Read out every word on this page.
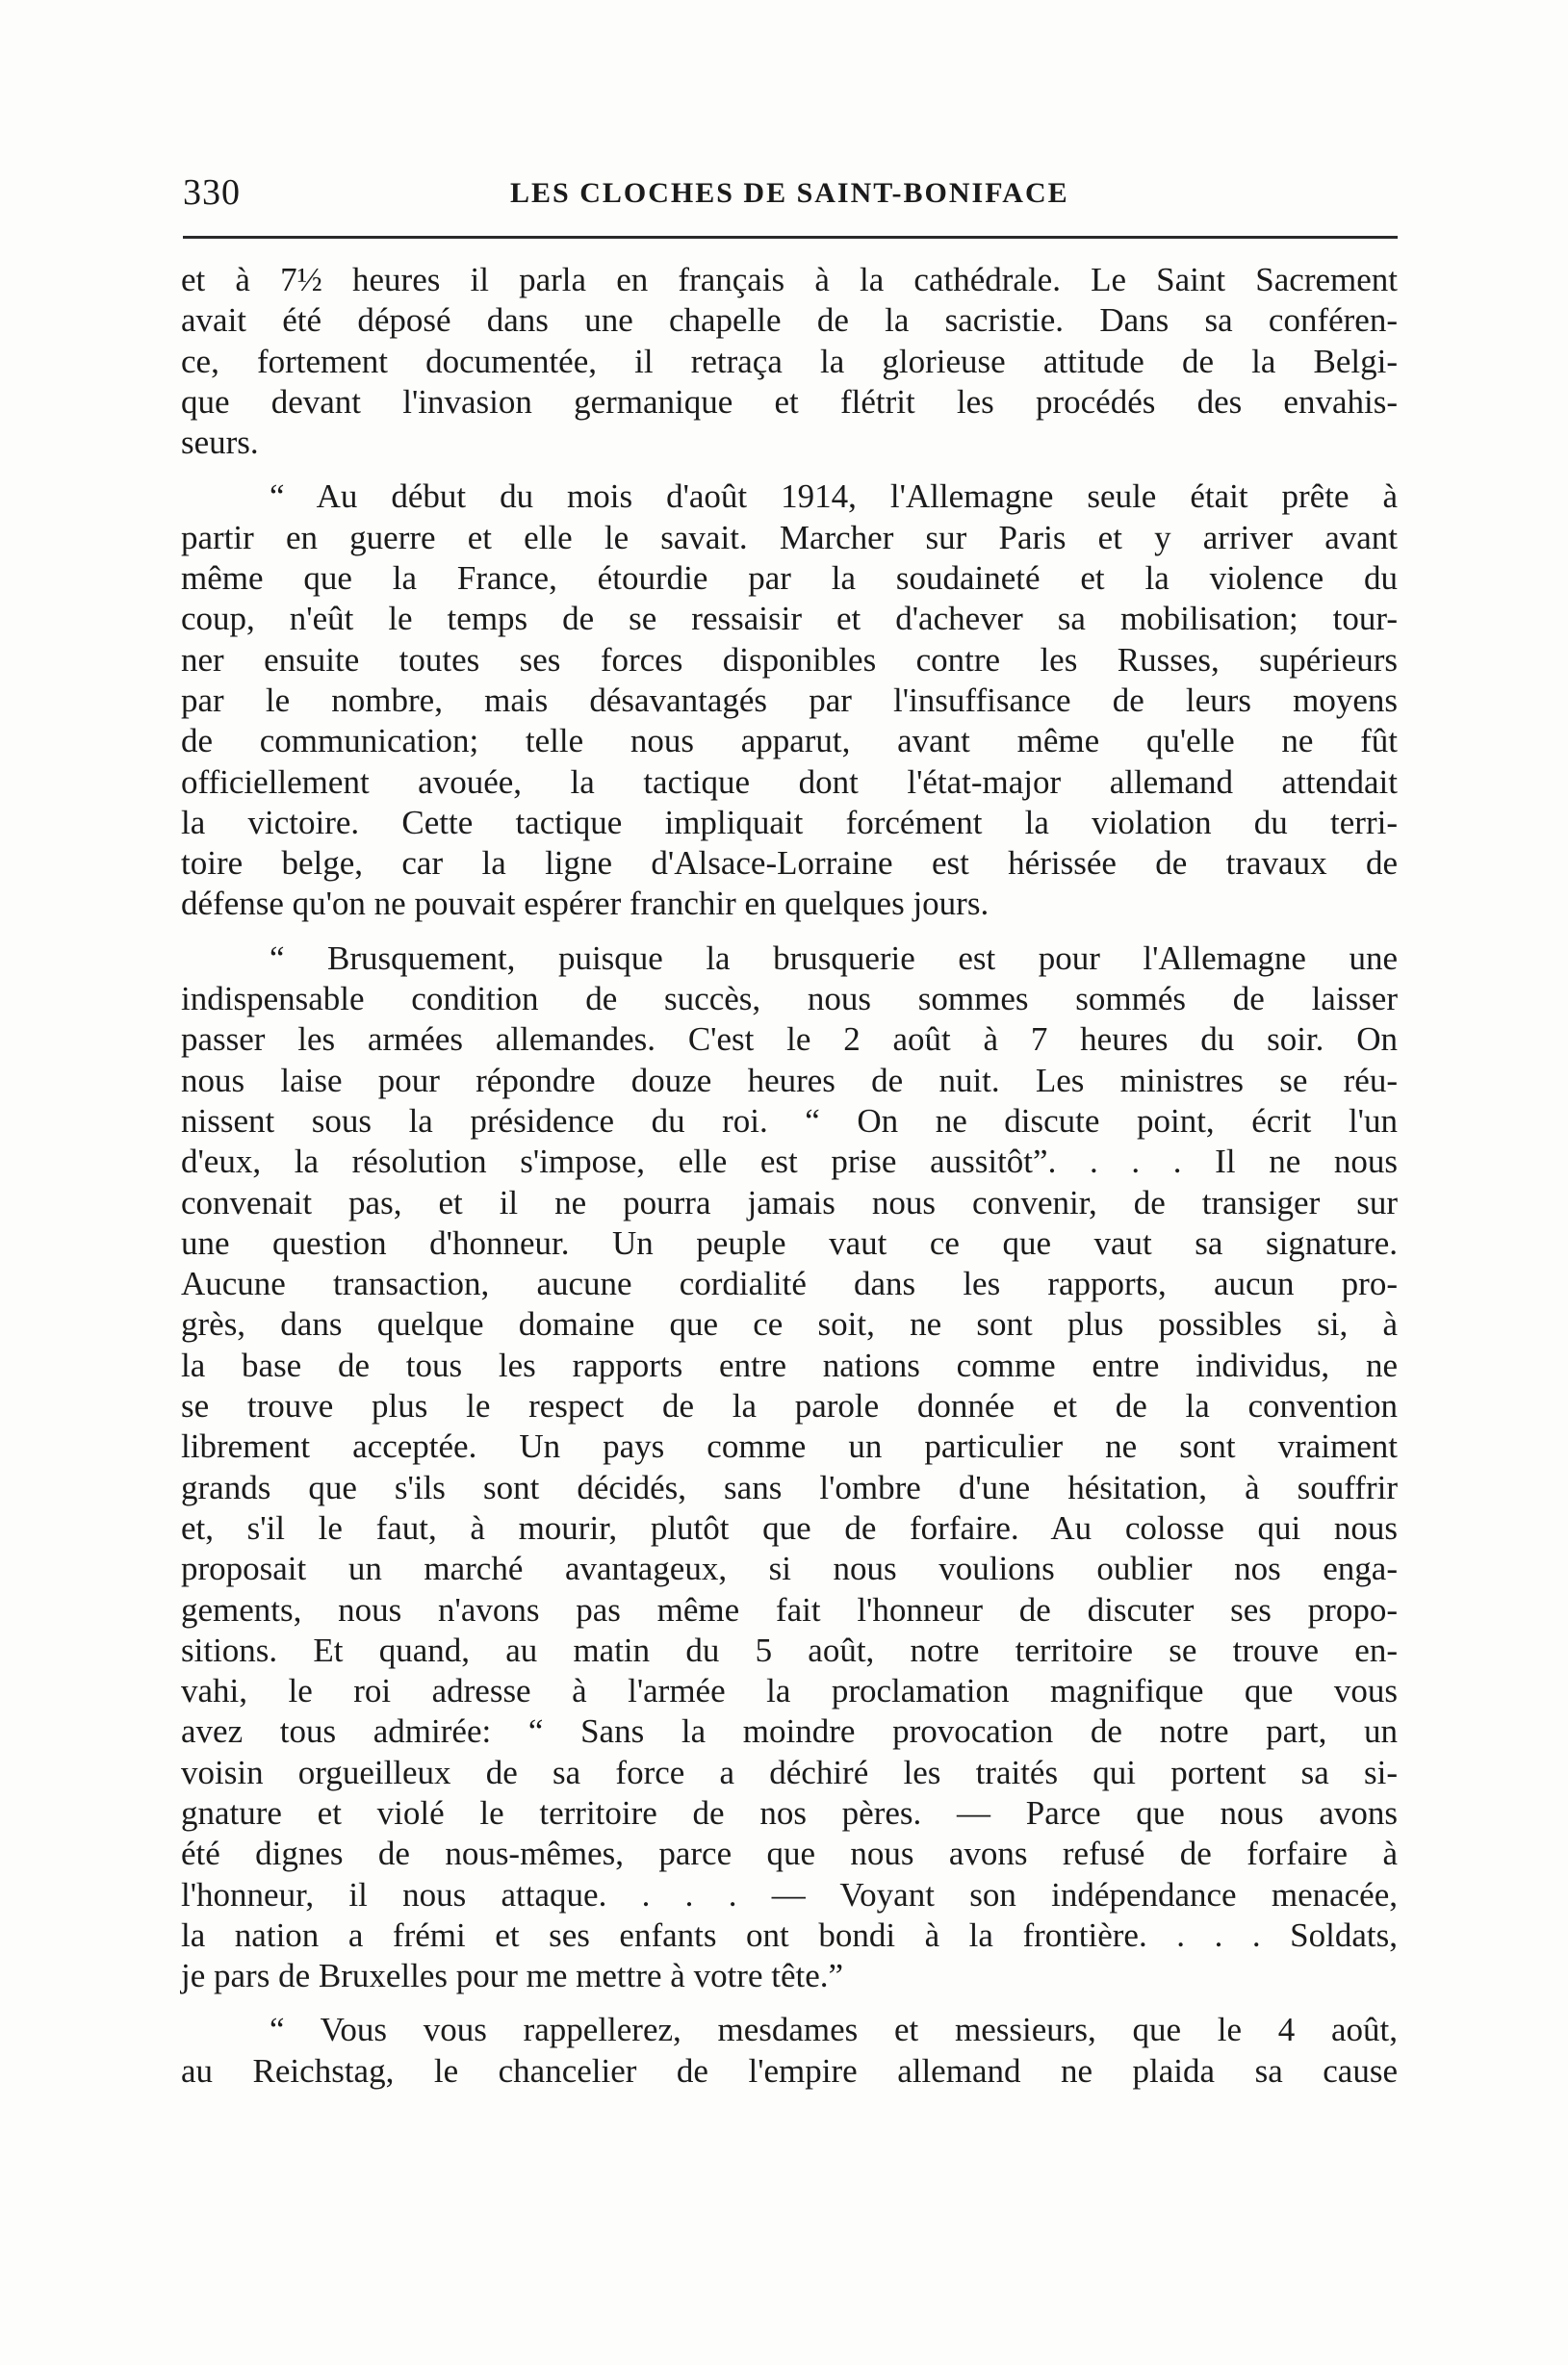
330	LES CLOCHES DE SAINT-BONIFACE
et à 7½ heures il parla en français à la cathédrale. Le Saint Sacrement
avait été déposé dans une chapelle de la sacristie. Dans sa conféren-
ce, fortement documentée, il retraça la glorieuse attitude de la Belgi-
que devant l'invasion germanique et flétrit les procédés des envahis-
seurs.
“ Au début du mois d'août 1914, l'Allemagne seule était prête à
partir en guerre et elle le savait. Marcher sur Paris et y arriver avant
même que la France, étourdie par la soudaineté et la violence du
coup, n'eût le temps de se ressaisir et d'achever sa mobilisation; tour-
ner ensuite toutes ses forces disponibles contre les Russes, supérieurs
par le nombre, mais désavantagés par l'insuffisance de leurs moyens
de communication; telle nous apparut, avant même qu'elle ne fût
officiellement avouée, la tactique dont l'état-major allemand attendait
la victoire. Cette tactique impliquait forcément la violation du terri-
toire belge, car la ligne d'Alsace-Lorraine est hérissée de travaux de
défense qu'on ne pouvait espérer franchir en quelques jours.
“ Brusquement, puisque la brusquerie est pour l'Allemagne une
indispensable condition de succès, nous sommes sommés de laisser
passer les armées allemandes. C'est le 2 août à 7 heures du soir. On
nous laise pour répondre douze heures de nuit. Les ministres se réu-
nissent sous la présidence du roi. “ On ne discute point, écrit l'un
d'eux, la résolution s'impose, elle est prise aussitôt”. . . . Il ne nous
convenait pas, et il ne pourra jamais nous convenir, de transiger sur
une question d'honneur. Un peuple vaut ce que vaut sa signature.
Aucune transaction, aucune cordialité dans les rapports, aucun pro-
grès, dans quelque domaine que ce soit, ne sont plus possibles si, à
la base de tous les rapports entre nations comme entre individus, ne
se trouve plus le respect de la parole donnée et de la convention
librement acceptée. Un pays comme un particulier ne sont vraiment
grands que s'ils sont décidés, sans l'ombre d'une hésitation, à souffrir
et, s'il le faut, à mourir, plutôt que de forfaire. Au colosse qui nous
proposait un marché avantageux, si nous voulions oublier nos enga-
gements, nous n'avons pas même fait l'honneur de discuter ses propo-
sitions. Et quand, au matin du 5 août, notre territoire se trouve en-
vahi, le roi adresse à l'armée la proclamation magnifique que vous
avez tous admirée: “ Sans la moindre provocation de notre part, un
voisin orgueilleux de sa force a déchiré les traités qui portent sa si-
gnature et violé le territoire de nos pères. — Parce que nous avons
été dignes de nous-mêmes, parce que nous avons refusé de forfaire à
l'honneur, il nous attaque. . . . — Voyant son indépendance menacée,
la nation a frémi et ses enfants ont bondi à la frontière. . . . Soldats,
je pars de Bruxelles pour me mettre à votre tête.”
“ Vous vous rappellerez, mesdames et messieurs, que le 4 août,
au Reichstag, le chancelier de l'empire allemand ne plaida sa cause
